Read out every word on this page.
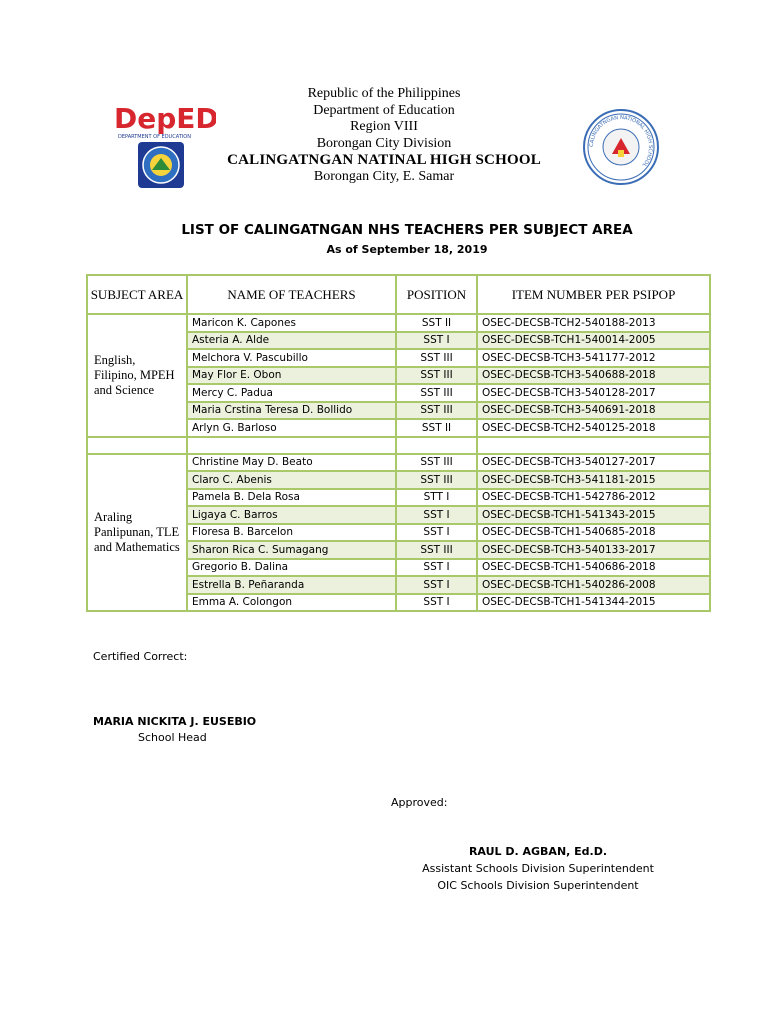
DepED
DEPARTMENT OF EDUCATION
Republic of the Philippines
Department of Education
Region VIII
Borongan City Division
CALINGATNGAN NATINAL HIGH SCHOOL
Borongan City, E. Samar
CALINGATNGAN NATIONAL HIGH SCHOOL
LIST OF CALINGATNGAN NHS TEACHERS PER SUBJECT AREA
As of September 18, 2019
SUBJECT AREA	NAME OF TEACHERS	POSITION	ITEM NUMBER PER PSIPOP
English, Filipino, MPEH and Science	Maricon K. Capones	SST II	OSEC-DECSB-TCH2-540188-2013
	Asteria A. Alde	SST I	OSEC-DECSB-TCH1-540014-2005
	Melchora V. Pascubillo	SST III	OSEC-DECSB-TCH3-541177-2012
	May Flor E. Obon	SST III	OSEC-DECSB-TCH3-540688-2018
	Mercy C. Padua	SST III	OSEC-DECSB-TCH3-540128-2017
	Maria Crstina Teresa D. Bollido	SST III	OSEC-DECSB-TCH3-540691-2018
	Arlyn G. Barloso	SST II	OSEC-DECSB-TCH2-540125-2018

Araling Panlipunan, TLE and Mathematics	Christine May D. Beato	SST III	OSEC-DECSB-TCH3-540127-2017
	Claro C. Abenis	SST III	OSEC-DECSB-TCH3-541181-2015
	Pamela B. Dela Rosa	STT I	OSEC-DECSB-TCH1-542786-2012
	Ligaya C. Barros	SST I	OSEC-DECSB-TCH1-541343-2015
	Floresa B. Barcelon	SST I	OSEC-DECSB-TCH1-540685-2018
	Sharon Rica C. Sumagang	SST III	OSEC-DECSB-TCH3-540133-2017
	Gregorio B. Dalina	SST I	OSEC-DECSB-TCH1-540686-2018
	Estrella B. Peñaranda	SST I	OSEC-DECSB-TCH1-540286-2008
	Emma A. Colongon	SST I	OSEC-DECSB-TCH1-541344-2015
Certified Correct:
MARIA NICKITA J. EUSEBIO
School Head
Approved:
RAUL D. AGBAN, Ed.D.
Assistant Schools Division Superintendent
OIC Schools Division Superintendent
